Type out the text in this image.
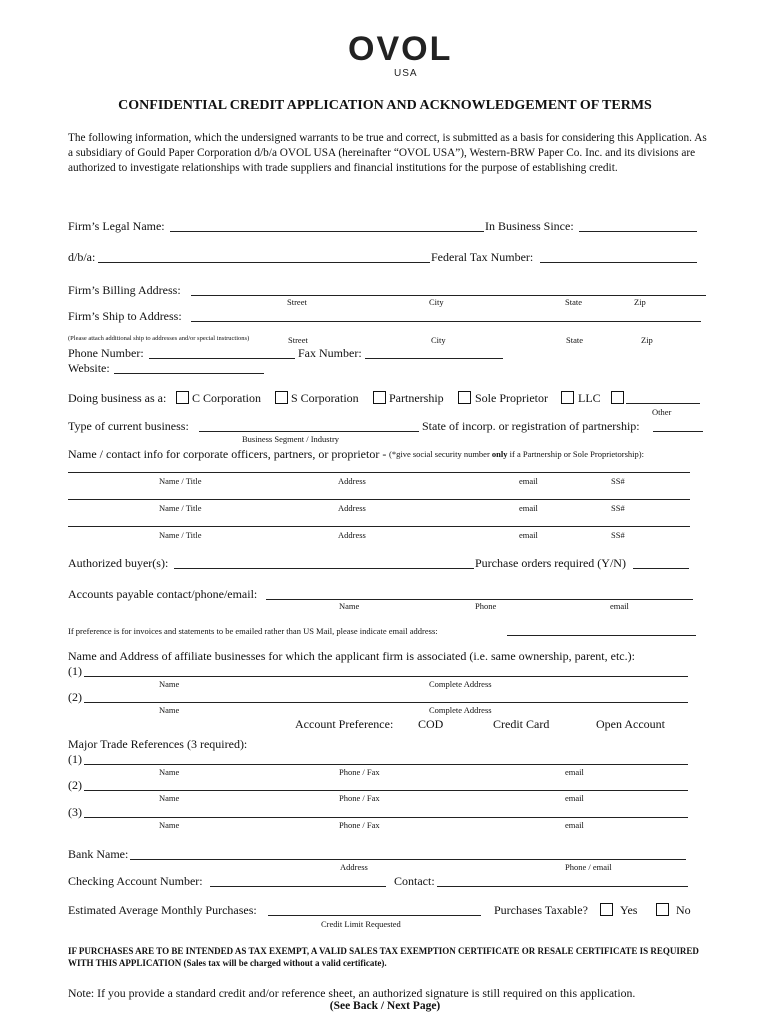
OVOL
USA
CONFIDENTIAL CREDIT APPLICATION AND ACKNOWLEDGEMENT OF TERMS
The following information, which the undersigned warrants to be true and correct, is submitted as a basis for considering this Application. As a subsidiary of Gould Paper Corporation d/b/a OVOL USA (hereinafter “OVOL USA”), Western-BRW Paper Co. Inc. and its divisions are authorized to investigate relationships with trade suppliers and financial institutions for the purpose of establishing credit.
Firm’s Legal Name:	In Business Since:
d/b/a:	Federal Tax Number:
Firm’s Billing Address:
Street	City	State	Zip
Firm’s Ship to Address:
(Please attach additional ship to addresses and/or special instructions)	Street	City	State	Zip
Phone Number:	Fax Number:
Website:
Doing business as a: C Corporation	S Corporation	Partnership	Sole Proprietor	LLC
Other
Type of current business:	State of incorp. or registration of partnership:
Business Segment / Industry
Name / contact info for corporate officers, partners, or proprietor - (*give social security number only if a Partnership or Sole Proprietorship):
Name / Title	Address	email	SS#
Name / Title	Address	email	SS#
Name / Title	Address	email	SS#
Authorized buyer(s):	Purchase orders required (Y/N)
Accounts payable contact/phone/email:
Name	Phone	email
If preference is for invoices and statements to be emailed rather than US Mail, please indicate email address:
Name and Address of affiliate businesses for which the applicant firm is associated (i.e. same ownership, parent, etc.):
(1)
Name	Complete Address
(2)
Name	Complete Address
Account Preference: COD	Credit Card	Open Account
Major Trade References (3 required):
(1)
Name	Phone / Fax	email
(2)
Name	Phone / Fax	email
(3)
Name	Phone / Fax	email
Bank Name:
Address	Phone / email
Checking Account Number:	Contact:
Estimated Average Monthly Purchases:
Credit Limit Requested
Purchases Taxable?	Yes	No
IF PURCHASES ARE TO BE INTENDED AS TAX EXEMPT, A VALID SALES TAX EXEMPTION CERTIFICATE OR RESALE CERTIFICATE IS REQUIRED WITH THIS APPLICATION (Sales tax will be charged without a valid certificate).
Note: If you provide a standard credit and/or reference sheet, an authorized signature is still required on this application.
(See Back / Next Page)
